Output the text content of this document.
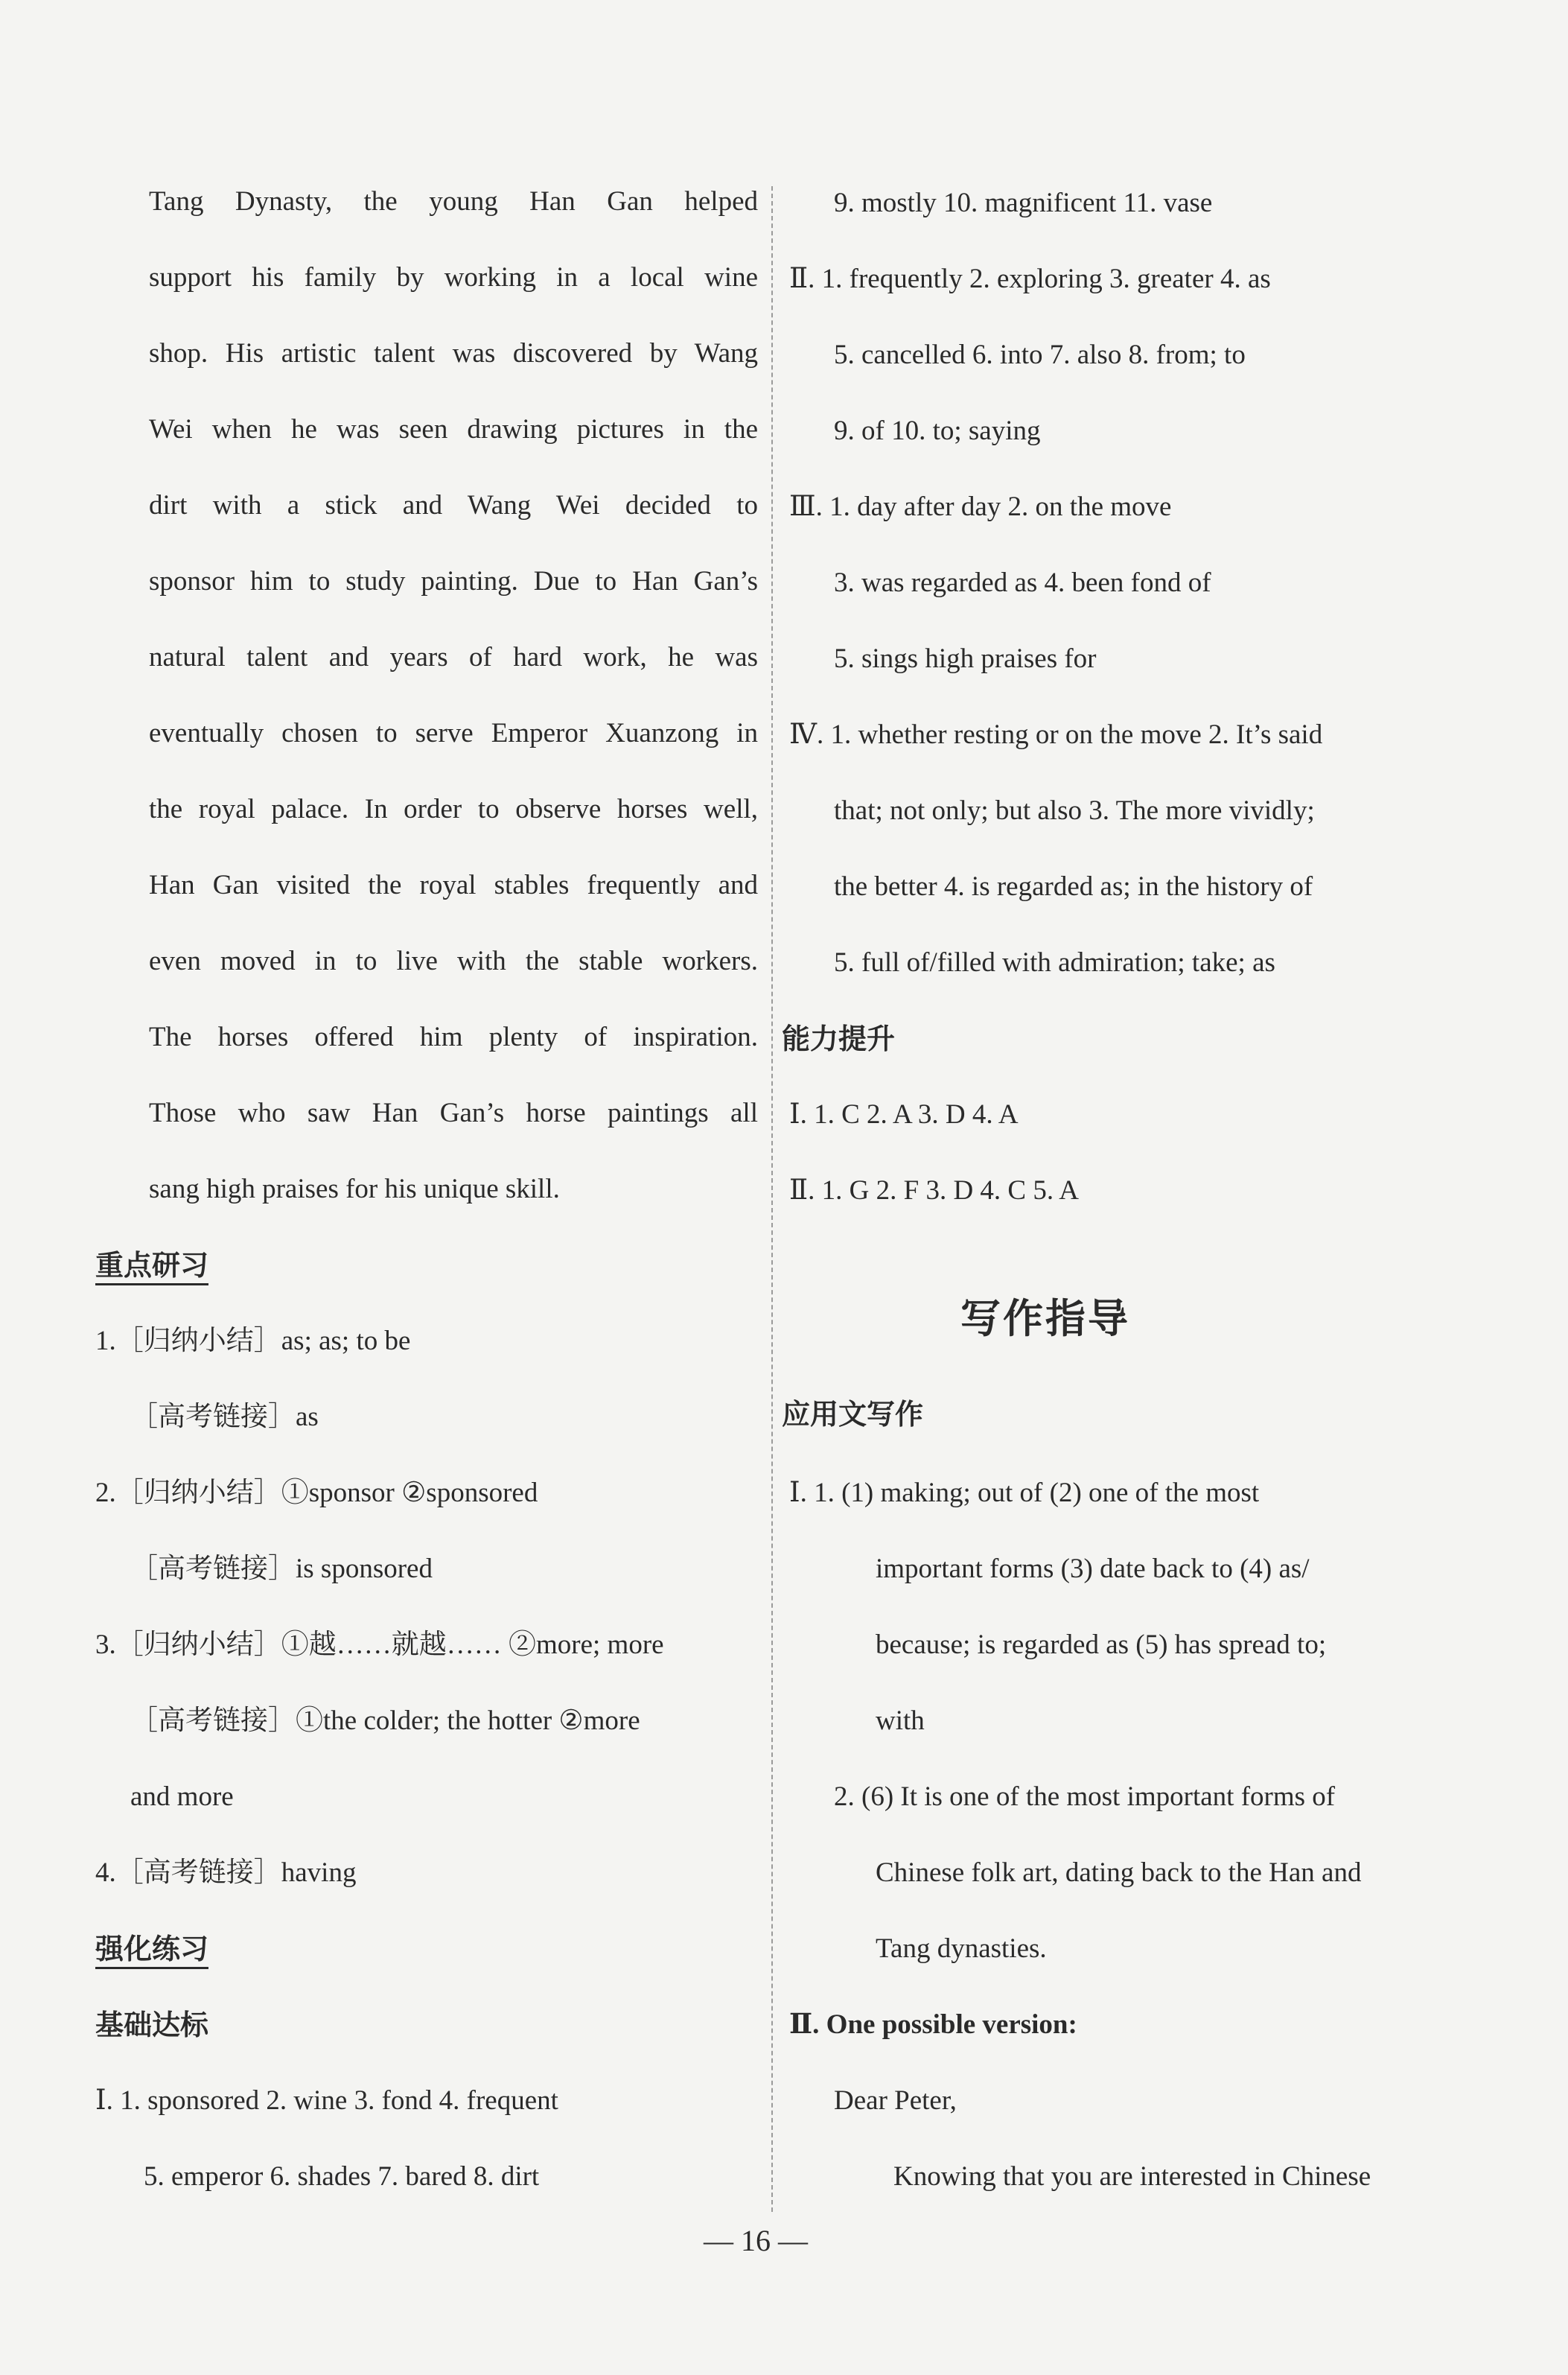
Tang Dynasty, the young Han Gan helped
support his family by working in a local wine
shop. His artistic talent was discovered by Wang
Wei when he was seen drawing pictures in the
dirt with a stick and Wang Wei decided to
sponsor him to study painting. Due to Han Gan’s
natural talent and years of hard work, he was
eventually chosen to serve Emperor Xuanzong in
the royal palace. In order to observe horses well,
Han Gan visited the royal stables frequently and
even moved in to live with the stable workers.
The horses offered him plenty of inspiration.
Those who saw Han Gan’s horse paintings all
sang high praises for his unique skill.
重点研习
1.［归纳小结］as; as; to be
［高考链接］as
2.［归纳小结］①sponsor ②sponsored
［高考链接］is sponsored
3.［归纳小结］①越……就越…… ②more; more
［高考链接］①the colder; the hotter ②more
and more
4.［高考链接］having
强化练习
基础达标
Ⅰ. 1. sponsored 2. wine 3. fond 4. frequent
5. emperor 6. shades 7. bared 8. dirt
9. mostly 10. magnificent 11. vase
Ⅱ. 1. frequently 2. exploring 3. greater 4. as
5. cancelled 6. into 7. also 8. from; to
9. of 10. to; saying
Ⅲ. 1. day after day 2. on the move
3. was regarded as 4. been fond of
5. sings high praises for
Ⅳ. 1. whether resting or on the move 2. It’s said
that; not only; but also 3. The more vividly;
the better 4. is regarded as; in the history of
5. full of/filled with admiration; take; as
能力提升
Ⅰ. 1. C 2. A 3. D 4. A
Ⅱ. 1. G 2. F 3. D 4. C 5. A
应用文写作
Ⅰ. 1. (1) making; out of (2) one of the most
important forms (3) date back to (4) as/
because; is regarded as (5) has spread to;
with
2. (6) It is one of the most important forms of
Chinese folk art, dating back to the Han and
Tang dynasties.
Ⅱ. One possible version:
Dear Peter,
Knowing that you are interested in Chinese
写作指导
— 16 —
